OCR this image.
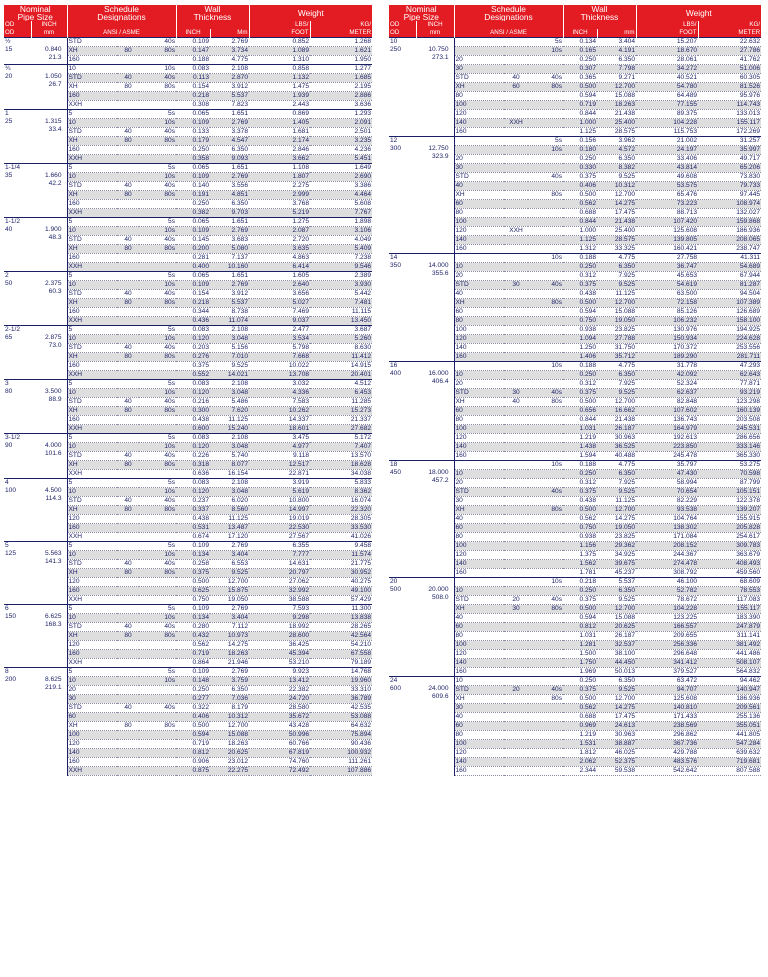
Nominal
Pipe Size		Schedule
Designations			Wall
Thickness		Weight	
OD	INCH						LBS/	KG/
OD	mm	ANSI / ASME			INCH	Mm	FOOT	METER

½
15	0.840
21.3	STD		40s	0.109	2.769	0.852	1.268
		XH	80	80s	0.147	3.734	1.089	1.621
		160			0.188	4.775	1.310	1.950

¾
20	1.050
26.7	10		10s	0.083	2.108	0.858	1.277
		STD	40	40s	0.113	2.870	1.132	1.685
		XH	80	80s	0.154	3.912	1.475	2.195
		160			0.218	5.537	1.939	2.886
		XXH			0.308	7.823	2.443	3.636

1
25	1.315
33.4	5		5s	0.065	1.651	0.869	1.293
		10		10s	0.109	2.769	1.405	2.091
		STD	40	40s	0.133	3.378	1.681	2.501
		XH	80	80s	0.179	4.547	2.174	3.235
		160			0.250	6.350	2.846	4.236
		XXH			0.358	9.093	3.662	5.451

1-1/4
35	1.660
42.2	5		5s	0.065	1.651	1.108	1.649
		10		10s	0.109	2.769	1.807	2.690
		STD	40	40s	0.140	3.556	2.275	3.386
		XH	80	80s	0.191	4.851	2.999	4.464
		160			0.250	6.350	3.768	5.608
		XXH			0.382	9.703	5.219	7.767

1-1/2
40	1.900
48.3	5		5s	0.065	1.651	1.275	1.898
		10		10s	0.109	2.769	2.087	3.106
		STD	40	40s	0.145	3.683	2.720	4.049
		XH	80	80s	0.200	5.080	3.635	5.409
		160			0.281	7.137	4.863	7.238
		XXH			0.400	10.160	6.414	9.546

2
50	2.375
60.3	5		5s	0.065	1.651	1.605	2.389
		10		10s	0.109	2.769	2.640	3.930
		STD	40	40s	0.154	3.912	3.656	5.442
		XH	80	80s	0.218	5.537	5.027	7.481
		160			0.344	8.738	7.469	11.115
		XXH			0.436	11.074	9.037	13.450

2-1/2
65	2.875
73.0	5		5s	0.083	2.108	2.477	3.687
		10		10s	0.120	3.048	3.534	5.260
		STD	40	40s	0.203	5.156	5.798	8.630
		XH	80	80s	0.276	7.010	7.668	11.412
		160			0.375	9.525	10.022	14.915
		XXH			0.552	14.021	13.708	20.401

3
80	3.500
88.9	5		5s	0.083	2.108	3.032	4.512
		10		10s	0.120	3.048	4.336	6.453
		STD	40	40s	0.216	5.486	7.583	11.285
		XH	80	80s	0.300	7.620	10.262	15.273
		160			0.438	11.125	14.337	21.337
		XXH			0.600	15.240	18.601	27.682

3-1/2
90	4.000
101.6	5		5s	0.083	2.108	3.475	5.172
		10		10s	0.120	3.048	4.977	7.407
		STD	40	40s	0.226	5.740	9.118	13.570
		XH	80	80s	0.318	8.077	12.517	18.628
		XXH			0.636	16.154	22.871	34.038

4
100	4.500
114.3	5		5s	0.083	2.108	3.919	5.833
		10		10s	0.120	3.048	5.619	8.362
		STD	40	40s	0.237	6.020	10.800	16.074
		XH	80	80s	0.337	8.560	14.997	22.320
		120			0.438	11.125	19.019	28.305
		160			0.531	13.487	22.530	33.530
		XXH			0.674	17.120	27.567	41.026

5
125	5.563
141.3	5		5s	0.109	2.769	6.355	9.458
		10		10s	0.134	3.404	7.777	11.574
		STD	40	40s	0.258	6.553	14.631	21.775
		XH	80	80s	0.375	9.525	20.797	30.952
		120			0.500	12.700	27.062	40.275
		160			0.625	15.875	32.992	49.100
		XXH			0.750	19.050	38.588	57.429

6
150	6.625
168.3	5		5s	0.109	2.769	7.593	11.300
		10		10s	0.134	3.404	9.298	13.838
		STD	40	40s	0.280	7.112	18.992	28.265
		XH	80	80s	0.432	10.973	28.600	42.564
		120			0.562	14.275	36.425	54.210
		160			0.719	18.263	45.394	67.558
		XXH			0.864	21.946	53.210	79.189

8
200	8.625
219.1	5		5s	0.109	2.769	9.923	14.768
		10		10s	0.148	3.759	13.412	19.960
		20			0.250	6.350	22.382	33.310
		30			0.277	7.036	24.720	36.789
		STD	40	40s	0.322	8.179	28.580	42.535
		60			0.406	10.312	35.672	53.088
		XH	80	80s	0.500	12.700	43.428	64.632
		100			0.594	15.088	50.996	75.894
		120			0.719	18.263	60.766	90.436
		140			0.812	20.625	67.819	100.932
		160			0.906	23.012	74.760	111.261
		XXH			0.875	22.275	72.492	107.886
Nominal
Pipe Size		Schedule
Designations			Wall
Thickness		Weight	
OD	INCH						LBS/	KG/
OD	mm	ANSI / ASME			INCH	mm	FOOT	METER

10
250	10.750
273.1			5s	0.134	3.404	15.207	22.632
				10s	0.165	4.191	18.670	27.786
		20			0.250	6.350	28.061	41.762
		30			0.307	7.798	34.272	51.006
		STD	40	40s	0.365	9.271	40.521	60.305
		XH	60	80s	0.500	12.700	54.780	81.526
		80			0.594	15.088	64.489	95.976
		100			0.719	18.263	77.155	114.743
		120			0.844	21.438	89.375	133.013
		140	XXH		1.000	25.400	104.228	155.117
		160			1.125	28.575	115.753	172.269

12
300	12.750
323.9			5s	0.156	3.962	21.002	31.257
				10s	0.180	4.572	24.197	35.997
		20			0.250	6.350	33.406	49.717
		30			0.330	8.382	43.814	65.206
		STD		40s	0.375	9.525	49.608	73.830
		40			0.406	10.312	53.575	79.733
		XH		80s	0.500	12.700	65.476	97.445
		60			0.562	14.275	73.223	108.974
		80			0.688	17.475	88.713	132.027
		100			0.844	21.438	107.420	159.868
		120	XXH		1.000	25.400	125.608	186.936
		140			1.125	28.575	139.805	208.065
		160			1.312	33.325	160.421	238.747

14
350	14.000
355.6			10s	0.188	4.775	27.758	41.311
		10			0.250	6.350	36.747	54.689
		20			0.312	7.925	45.653	67.944
		STD	30	40s	0.375	9.525	54.619	81.287
		40			0.438	11.125	63.500	94.504
		XH		80s	0.500	12.700	72.158	107.389
		60			0.594	15.088	85.126	126.689
		80			0.750	19.050	106.232	158.100
		100			0.938	23.825	130.976	194.925
		120			1.094	27.788	150.934	224.628
		140			1.250	31.750	170.372	253.556
		160			1.406	35.712	189.290	281.711

16
400	16.000
406.4			10s	0.188	4.775	31.778	47.293
		10			0.250	6.350	42.092	62.643
		20			0.312	7.925	52.324	77.871
		STD	30	40s	0.375	9.525	62.637	93.219
		XH	40	80s	0.500	12.700	82.848	123.298
		60			0.656	16.662	107.602	160.139
		80			0.844	21.438	136.743	203.508
		100			1.031	26.187	164.979	245.531
		120			1.219	30.963	192.613	286.656
		140			1.438	36.525	223.850	333.146
		160			1.594	40.488	245.478	365.330

18
450	18.000
457.2			10s	0.188	4.775	35.797	53.275
		10			0.250	6.350	47.430	70.598
		20			0.312	7.925	58.994	87.799
		STD		40s	0.375	9.525	70.654	105.151
		30			0.438	11.125	82.229	122.378
		XH		80s	0.500	12.700	93.538	139.207
		40			0.562	14.275	104.764	155.915
		60			0.750	19.050	138.302	205.828
		80			0.938	23.825	171.084	254.617
		100			1.156	29.362	208.152	309.783
		120			1.375	34.925	244.367	363.679
		140			1.562	39.675	274.478	408.493
		160			1.781	45.237	308.792	459.560

20
500	20.000
508.0			10s	0.218	5.537	46.100	68.609
		10			0.250	6.350	52.782	78.553
		STD	20	40s	0.375	9.525	78.672	117.083
		XH	30	80s	0.500	12.700	104.228	155.117
		40			0.594	15.088	123.225	183.390
		60			0.812	20.625	166.557	247.879
		80			1.031	26.187	209.655	311.141
		100			1.281	32.537	256.336	381.492
		120			1.500	38.100	296.648	441.486
		140			1.750	44.450	341.412	508.107
		160			1.969	50.013	379.527	564.832

24
600	24.000
609.6	10			0.250	6.350	63.472	94.462
		STD	20	40s	0.375	9.525	94.707	140.947
		XH		80s	0.500	12.700	125.608	186.936
		30			0.562	14.275	140.810	209.561
		40			0.688	17.475	171.433	255.136
		60			0.969	24.613	238.569	355.051
		80			1.219	30.963	296.862	441.805
		100			1.531	38.887	367.736	547.284
		120			1.812	46.025	429.788	639.632
		140			2.062	52.375	483.576	719.681
		160			2.344	59.538	542.642	807.588
